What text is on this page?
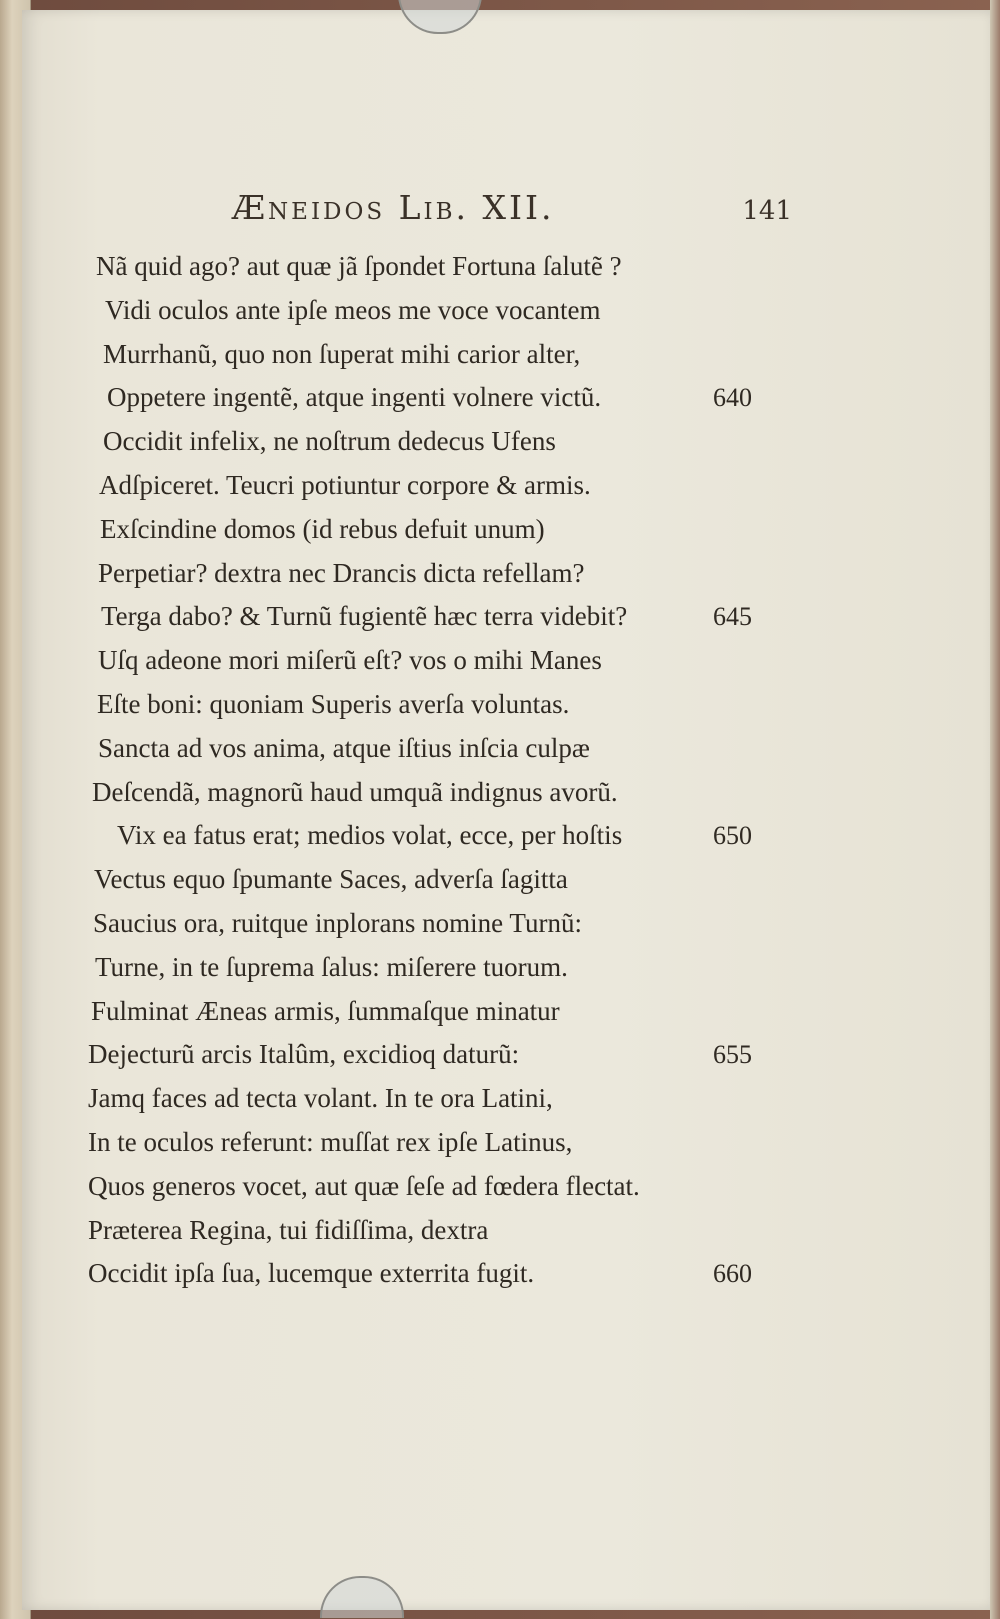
Æneidos Lib. XII.	141
Nã quid ago? aut quæ jã ſpondet Fortuna ſalutẽ ?
Vidi oculos ante ipſe meos me voce vocantem
Murrhanũ, quo non ſuperat mihi carior alter,
Oppetere ingentẽ, atque ingenti volnere victũ.	640
Occidit infelix, ne noſtrum dedecus Ufens
Adſpiceret. Teucri potiuntur corpore & armis.
Exſcindine domos (id rebus defuit unum)
Perpetiar? dextra nec Drancis dicta refellam?
Terga dabo? & Turnũ fugientẽ hæc terra videbit?	645
Uſq adeone mori miſerũ eſt? vos o mihi Manes
Eſte boni: quoniam Superis averſa voluntas.
Sancta ad vos anima, atque iſtius inſcia culpæ
Deſcendã, magnorũ haud umquã indignus avorũ.
Vix ea fatus erat; medios volat, ecce, per hoſtis	650
Vectus equo ſpumante Saces, adverſa ſagitta
Saucius ora, ruitque inplorans nomine Turnũ:
Turne, in te ſuprema ſalus: miſerere tuorum.
Fulminat Æneas armis, ſummaſque minatur
Dejecturũ arcis Italûm, excidioq daturũ:	655
Jamq faces ad tecta volant. In te ora Latini,
In te oculos referunt: muſſat rex ipſe Latinus,
Quos generos vocet, aut quæ ſeſe ad fœdera flectat.
Præterea Regina, tui fidiſſima, dextra
Occidit ipſa ſua, lucemque exterrita fugit.	660
